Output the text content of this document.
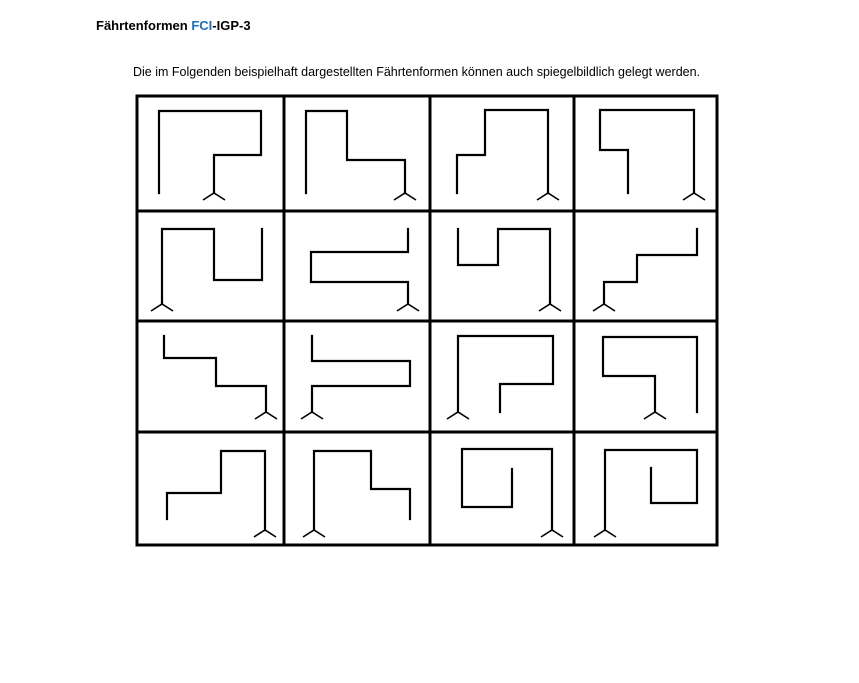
Fährtenformen FCI-IGP-3
Die im Folgenden beispielhaft dargestellten Fährtenformen können auch spiegelbildlich gelegt werden.
